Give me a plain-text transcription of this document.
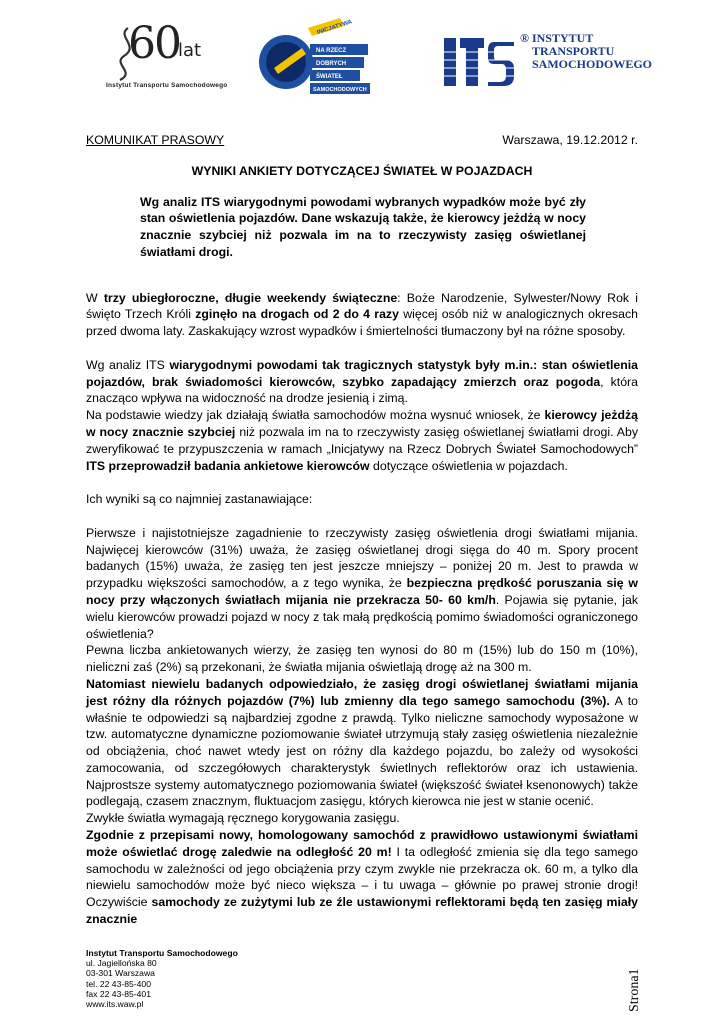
60
lat
Instytut Transportu Samochodowego
INICJATYWA
NA RZECZ
DOBRYCH
ŚWIATEŁ
SAMOCHODOWYCH
® INSTYTUT
TRANSPORTU
SAMOCHODOWEGO
KOMUNIKAT PRASOWY	Warszawa, 19.12.2012 r.
WYNIKI ANKIETY DOTYCZĄCEJ ŚWIATEŁ W POJAZDACH
Wg analiz ITS wiarygodnymi powodami wybranych wypadków może być zły stan oświetlenia pojazdów. Dane wskazują także, że kierowcy jeżdżą w nocy znacznie szybciej niż pozwala im na to rzeczywisty zasięg oświetlanej światłami drogi.

W trzy ubiegłoroczne, długie weekendy świąteczne: Boże Narodzenie, Sylwester/Nowy Rok i święto Trzech Króli zginęło na drogach od 2 do 4 razy więcej osób niż w analogicznych okresach przed dwoma laty. Zaskakujący wzrost wypadków i śmiertelności tłumaczony był na różne sposoby.

Wg analiz ITS wiarygodnymi powodami tak tragicznych statystyk były m.in.: stan oświetlenia pojazdów, brak świadomości kierowców, szybko zapadający zmierzch oraz pogoda, która znacząco wpływa na widoczność na drodze jesienią i zimą.

Na podstawie wiedzy jak działają światła samochodów można wysnuć wniosek, że kierowcy jeżdżą w nocy znacznie szybciej niż pozwala im na to rzeczywisty zasięg oświetlanej światłami drogi. Aby zweryfikować te przypuszczenia w ramach „Inicjatywy na Rzecz Dobrych Świateł Samochodowych” ITS przeprowadził badania ankietowe kierowców dotyczące oświetlenia w pojazdach.

Ich wyniki są co najmniej zastanawiające:

Pierwsze i najistotniejsze zagadnienie to rzeczywisty zasięg oświetlenia drogi światłami mijania. Najwięcej kierowców (31%) uważa, że zasięg oświetlanej drogi sięga do 40 m. Spory procent badanych (15%) uważa, że zasięg ten jest jeszcze mniejszy – poniżej 20 m. Jest to prawda w przypadku większości samochodów, a z tego wynika, że bezpieczna prędkość poruszania się w nocy przy włączonych światłach mijania nie przekracza 50- 60 km/h. Pojawia się pytanie, jak wielu kierowców prowadzi pojazd w nocy z tak małą prędkością pomimo świadomości ograniczonego oświetlenia?

Pewna liczba ankietowanych wierzy, że zasięg ten wynosi do 80 m (15%) lub do 150 m (10%), nieliczni zaś (2%) są przekonani, że światła mijania oświetlają drogę aż na 300 m.

Natomiast niewielu badanych odpowiedziało, że zasięg drogi oświetlanej światłami mijania jest różny dla różnych pojazdów (7%) lub zmienny dla tego samego samochodu (3%). A to właśnie te odpowiedzi są najbardziej zgodne z prawdą. Tylko nieliczne samochody wyposażone w tzw. automatyczne dynamiczne poziomowanie świateł utrzymują stały zasięg oświetlenia niezależnie od obciążenia, choć nawet wtedy jest on różny dla każdego pojazdu, bo zależy od wysokości zamocowania, od szczegółowych charakterystyk świetlnych reflektorów oraz ich ustawienia. Najprostsze systemy automatycznego poziomowania świateł (większość świateł ksenonowych) także podlegają, czasem znacznym, fluktuacjom zasięgu, których kierowca nie jest w stanie ocenić.

Zwykłe światła wymagają ręcznego korygowania zasięgu.

Zgodnie z przepisami nowy, homologowany samochód z prawidłowo ustawionymi światłami może oświetlać drogę zaledwie na odległość 20 m! I ta odległość zmienia się dla tego samego samochodu w zależności od jego obciążenia przy czym zwykle nie przekracza ok. 60 m, a tylko dla niewielu samochodów może być nieco większa – i tu uwaga – głównie po prawej stronie drogi! Oczywiście samochody ze zużytymi lub ze źle ustawionymi reflektorami będą ten zasięg miały znacznie

Instytut Transportu Samochodowego
ul. Jagiellońska 80
03-301 Warszawa
tel. 22 43-85-400
fax 22 43-85-401
www.its.waw.pl	Strona1
